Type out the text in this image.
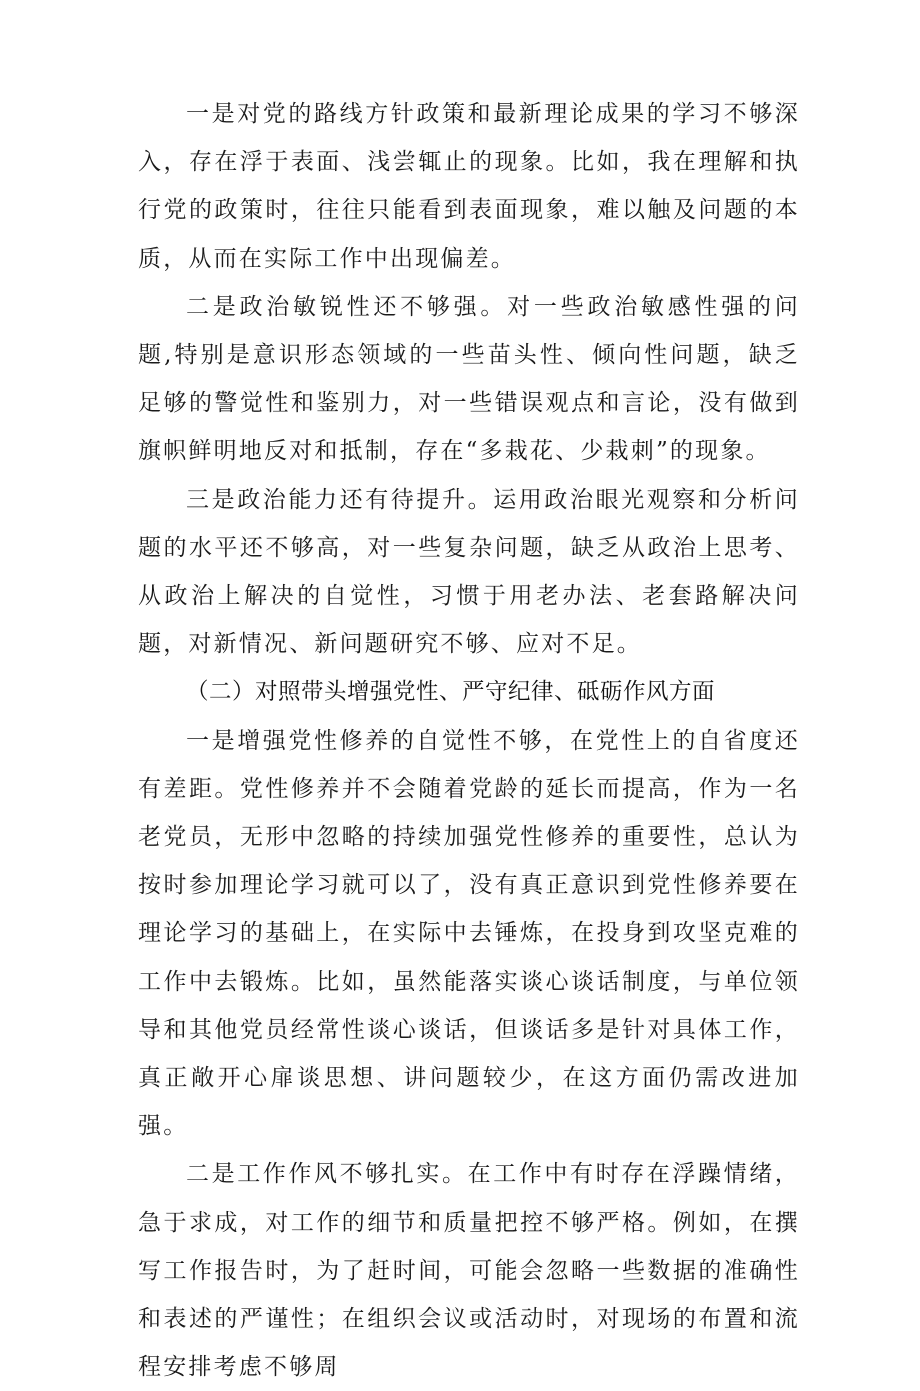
一是对党的路线方针政策和最新理论成果的学习不够深入，存在浮于表面、浅尝辄止的现象。比如，我在理解和执行党的政策时，往往只能看到表面现象，难以触及问题的本质，从而在实际工作中出现偏差。

二是政治敏锐性还不够强。对一些政治敏感性强的问题,特别是意识形态领域的一些苗头性、倾向性问题，缺乏足够的警觉性和鉴别力，对一些错误观点和言论，没有做到旗帜鲜明地反对和抵制，存在“多栽花、少栽刺”的现象。

三是政治能力还有待提升。运用政治眼光观察和分析问题的水平还不够高，对一些复杂问题，缺乏从政治上思考、从政治上解决的自觉性，习惯于用老办法、老套路解决问题，对新情况、新问题研究不够、应对不足。

（二）对照带头增强党性、严守纪律、砥砺作风方面

一是增强党性修养的自觉性不够，在党性上的自省度还有差距。党性修养并不会随着党龄的延长而提高，作为一名老党员，无形中忽略的持续加强党性修养的重要性，总认为按时参加理论学习就可以了，没有真正意识到党性修养要在理论学习的基础上，在实际中去锤炼，在投身到攻坚克难的工作中去锻炼。比如，虽然能落实谈心谈话制度，与单位领导和其他党员经常性谈心谈话，但谈话多是针对具体工作，真正敞开心扉谈思想、讲问题较少，在这方面仍需改进加强。

二是工作作风不够扎实。在工作中有时存在浮躁情绪，急于求成，对工作的细节和质量把控不够严格。例如，在撰写工作报告时，为了赶时间，可能会忽略一些数据的准确性和表述的严谨性；在组织会议或活动时，对现场的布置和流程安排考虑不够周
